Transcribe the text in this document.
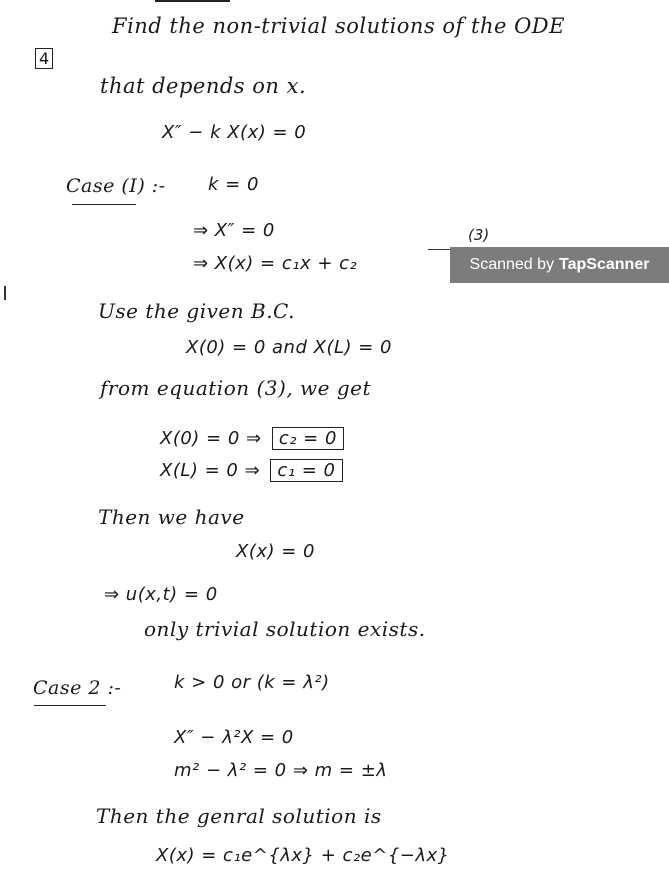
4
Find the non-trivial solutions of the ODE
that depends on x.
X″ − k X(x) = 0
Case (I) :- k = 0
⇒ X″ = 0
⇒ X(x) = c₁x + c₂
(3)
Scanned by TapScanner
Use the given B.C.
X(0) = 0 and X(L) = 0
from equation (3), we get
X(0) = 0 ⇒ c₂ = 0
X(L) = 0 ⇒ c₁ = 0
Then we have
X(x) = 0
⇒ u(x,t) = 0
only trivial solution exists.
Case 2 :-	k > 0 or (k = λ²)
X″ − λ²X = 0
m² − λ² = 0 ⇒ m = ±λ
Then the genral solution is
X(x) = c₁e^{λx} + c₂e^{−λx}
